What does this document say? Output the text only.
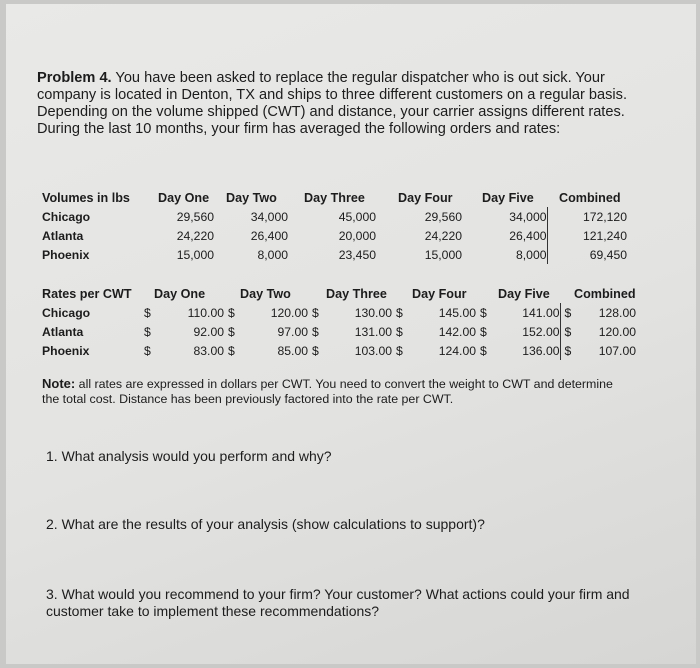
Problem 4. You have been asked to replace the regular dispatcher who is out sick. Your company is located in Denton, TX and ships to three different customers on a regular basis. Depending on the volume shipped (CWT) and distance, your carrier assigns different rates. During the last 10 months, your firm has averaged the following orders and rates:
Volumes in lbs	Day One	Day Two	Day Three	Day Four	Day Five	Combined
Chicago	29,560	34,000	45,000	29,560	34,000	172,120
Atlanta	24,220	26,400	20,000	24,220	26,400	121,240
Phoenix	15,000	8,000	23,450	15,000	8,000	69,450
Rates per CWT	Day One	Day Two	Day Three	Day Four	Day Five	Combined
Chicago	$ 110.00	$ 120.00	$ 130.00	$ 145.00	$ 141.00	$ 128.00
Atlanta	$ 92.00	$ 97.00	$ 131.00	$ 142.00	$ 152.00	$ 120.00
Phoenix	$ 83.00	$ 85.00	$ 103.00	$ 124.00	$ 136.00	$ 107.00
Note: all rates are expressed in dollars per CWT. You need to convert the weight to CWT and determine the total cost. Distance has been previously factored into the rate per CWT.
1. What analysis would you perform and why?
2. What are the results of your analysis (show calculations to support)?
3. What would you recommend to your firm? Your customer? What actions could your firm and customer take to implement these recommendations?
